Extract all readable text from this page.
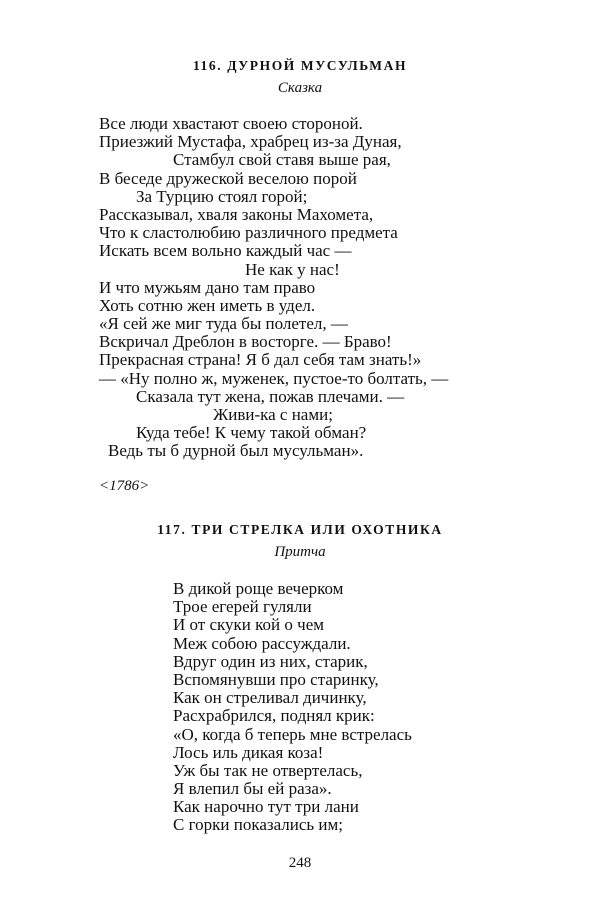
116. ДУРНОЙ МУСУЛЬМАН

Сказка

Все люди хвастают своею стороной.
Приезжий Мустафа, храбрец из-за Дуная,
Стамбул свой ставя выше рая,
В беседе дружеской веселою порой
За Турцию стоял горой;
Рассказывал, хваля законы Махомета,
Что к сластолюбию различного предмета
Искать всем вольно каждый час —
Не как у нас!
И что мужьям дано там право
Хоть сотню жен иметь в удел.
«Я сей же миг туда бы полетел, —
Вскричал Дреблон в восторге. — Браво!
Прекрасная страна! Я б дал себя там знать!»
— «Ну полно ж, муженек, пустое-то болтать, —
Сказала тут жена, пожав плечами. —
Живи-ка с нами;
Куда тебе! К чему такой обман?
Ведь ты б дурной был мусульман».

<1786>

117. ТРИ СТРЕЛКА ИЛИ ОХОТНИКА

Притча

В дикой роще вечерком
Трое егерей гуляли
И от скуки кой о чем
Меж собою рассуждали.
Вдруг один из них, старик,
Вспомянувши про старинку,
Как он стреливал дичинку,
Расхрабрился, поднял крик:
«О, когда б теперь мне встрелась
Лось иль дикая коза!
Уж бы так не отвертелась,
Я влепил бы ей раза».
Как нарочно тут три лани
С горки показались им;

248
